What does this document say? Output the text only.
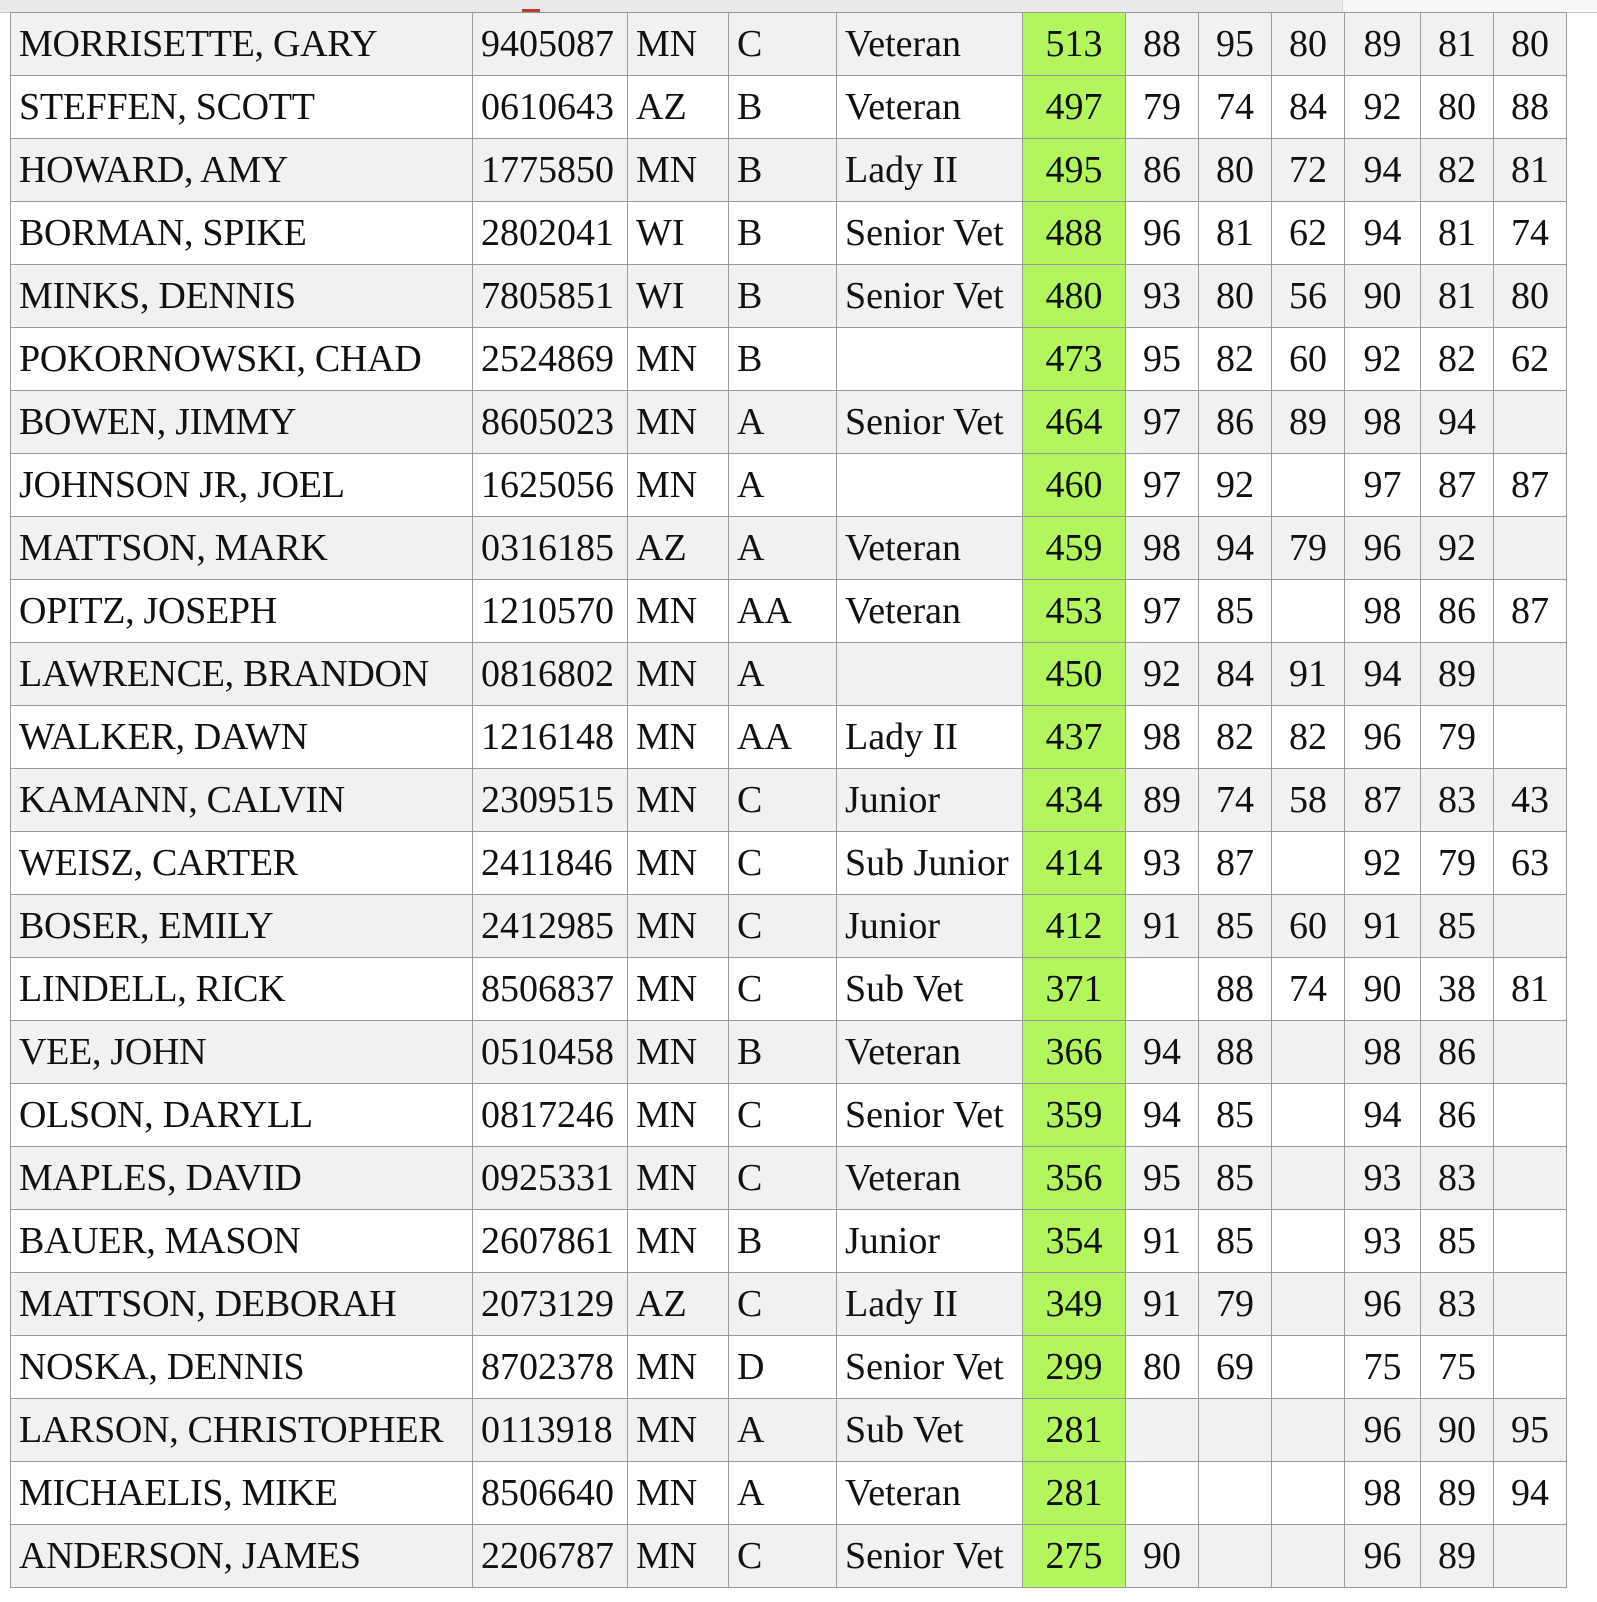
MORRISETTE, GARY	9405087	MN	C	Veteran	513	88	95	80	89	81	80
STEFFEN, SCOTT	0610643	AZ	B	Veteran	497	79	74	84	92	80	88
HOWARD, AMY	1775850	MN	B	Lady II	495	86	80	72	94	82	81
BORMAN, SPIKE	2802041	WI	B	Senior Vet	488	96	81	62	94	81	74
MINKS, DENNIS	7805851	WI	B	Senior Vet	480	93	80	56	90	81	80
POKORNOWSKI, CHAD	2524869	MN	B		473	95	82	60	92	82	62
BOWEN, JIMMY	8605023	MN	A	Senior Vet	464	97	86	89	98	94	
JOHNSON JR, JOEL	1625056	MN	A		460	97	92		97	87	87
MATTSON, MARK	0316185	AZ	A	Veteran	459	98	94	79	96	92	
OPITZ, JOSEPH	1210570	MN	AA	Veteran	453	97	85		98	86	87
LAWRENCE, BRANDON	0816802	MN	A		450	92	84	91	94	89	
WALKER, DAWN	1216148	MN	AA	Lady II	437	98	82	82	96	79	
KAMANN, CALVIN	2309515	MN	C	Junior	434	89	74	58	87	83	43
WEISZ, CARTER	2411846	MN	C	Sub Junior	414	93	87		92	79	63
BOSER, EMILY	2412985	MN	C	Junior	412	91	85	60	91	85	
LINDELL, RICK	8506837	MN	C	Sub Vet	371		88	74	90	38	81
VEE, JOHN	0510458	MN	B	Veteran	366	94	88		98	86	
OLSON, DARYLL	0817246	MN	C	Senior Vet	359	94	85		94	86	
MAPLES, DAVID	0925331	MN	C	Veteran	356	95	85		93	83	
BAUER, MASON	2607861	MN	B	Junior	354	91	85		93	85	
MATTSON, DEBORAH	2073129	AZ	C	Lady II	349	91	79		96	83	
NOSKA, DENNIS	8702378	MN	D	Senior Vet	299	80	69		75	75	
LARSON, CHRISTOPHER	0113918	MN	A	Sub Vet	281				96	90	95
MICHAELIS, MIKE	8506640	MN	A	Veteran	281				98	89	94
ANDERSON, JAMES	2206787	MN	C	Senior Vet	275	90			96	89	
